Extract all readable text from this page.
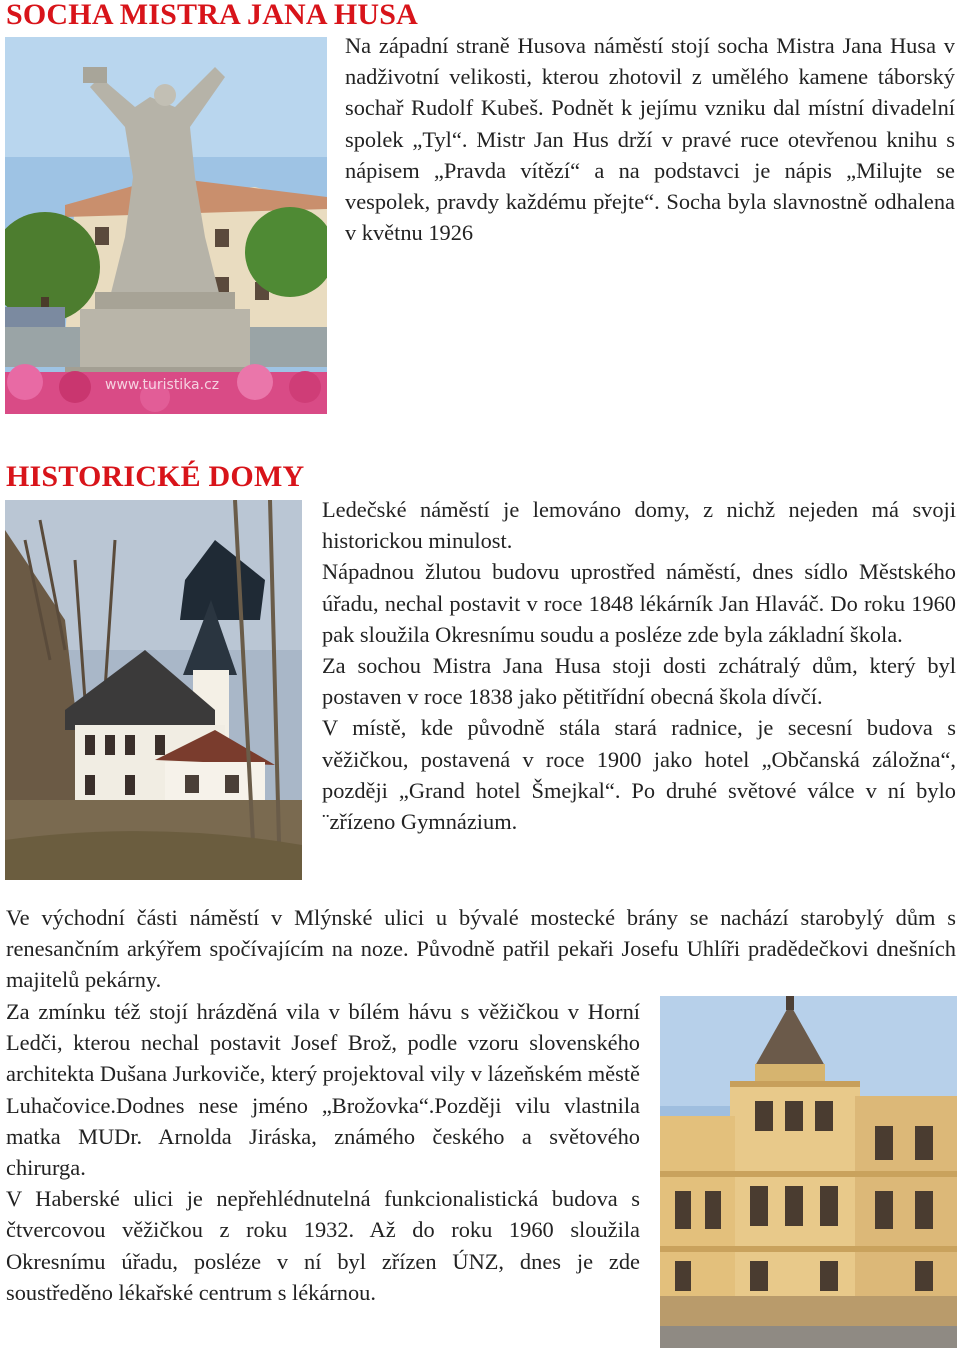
SOCHA MISTRA JANA HUSA
www.turistika.cz
Na západní straně Husova náměstí stojí socha Mistra Jana Husa v nadživotní velikosti, kterou zhotovil z umělého kamene táborský sochař Rudolf Kubeš. Podnět k jejímu vzniku dal místní divadelní spolek „Tyl“. Mistr Jan Hus drží v pravé ruce otevřenou knihu s nápisem „Pravda vítězí“ a na podstavci je nápis „Milujte se vespolek, pravdy každému přejte“. Socha byla slavnostně odhalena v květnu 1926
HISTORICKÉ DOMY

Ledečské náměstí je lemováno domy, z nichž nejeden má svoji historickou minulost.

Nápadnou žlutou budovu uprostřed náměstí, dnes sídlo Městského úřadu, nechal postavit v roce 1848 lékárník Jan Hlaváč. Do roku 1960 pak sloužila Okresnímu soudu a posléze zde byla základní škola.

Za sochou Mistra Jana Husa stoji dosti zchátralý dům, který byl postaven v roce 1838 jako pětitřídní obecná škola dívčí.

V místě, kde původně stála stará radnice, je secesní budova s věžičkou, postavená v roce 1900 jako hotel „Občanská záložna“, později „Grand hotel Šmejkal“. Po druhé světové válce v ní bylo ¨zřízeno Gymnázium.

Ve východní části náměstí v Mlýnské ulici u bývalé mostecké brány se nachází starobylý dům s renesančním arkýřem spočívajícím na noze. Původně patřil pekaři Josefu Uhlíři pradědečkovi dnešních majitelů pekárny.

Za zmínku též stojí hrázděná vila v bílém hávu s věžičkou v Horní Ledči, kterou nechal postavit Josef Brož, podle vzoru slovenského architekta Dušana Jurkoviče, který projektoval vily v lázeňském městě Luhačovice.Dodnes nese jméno „Brožovka“.Později vilu vlastnila matka MUDr. Arnolda Jiráska, známého českého a světového chirurga.

V Haberské ulici je nepřehlédnutelná funkcionalistická budova s čtvercovou věžičkou z roku 1932. Až do roku 1960 sloužila Okresnímu úřadu, posléze v ní byl zřízen ÚNZ, dnes je zde soustředěno lékařské centrum s lékárnou.
